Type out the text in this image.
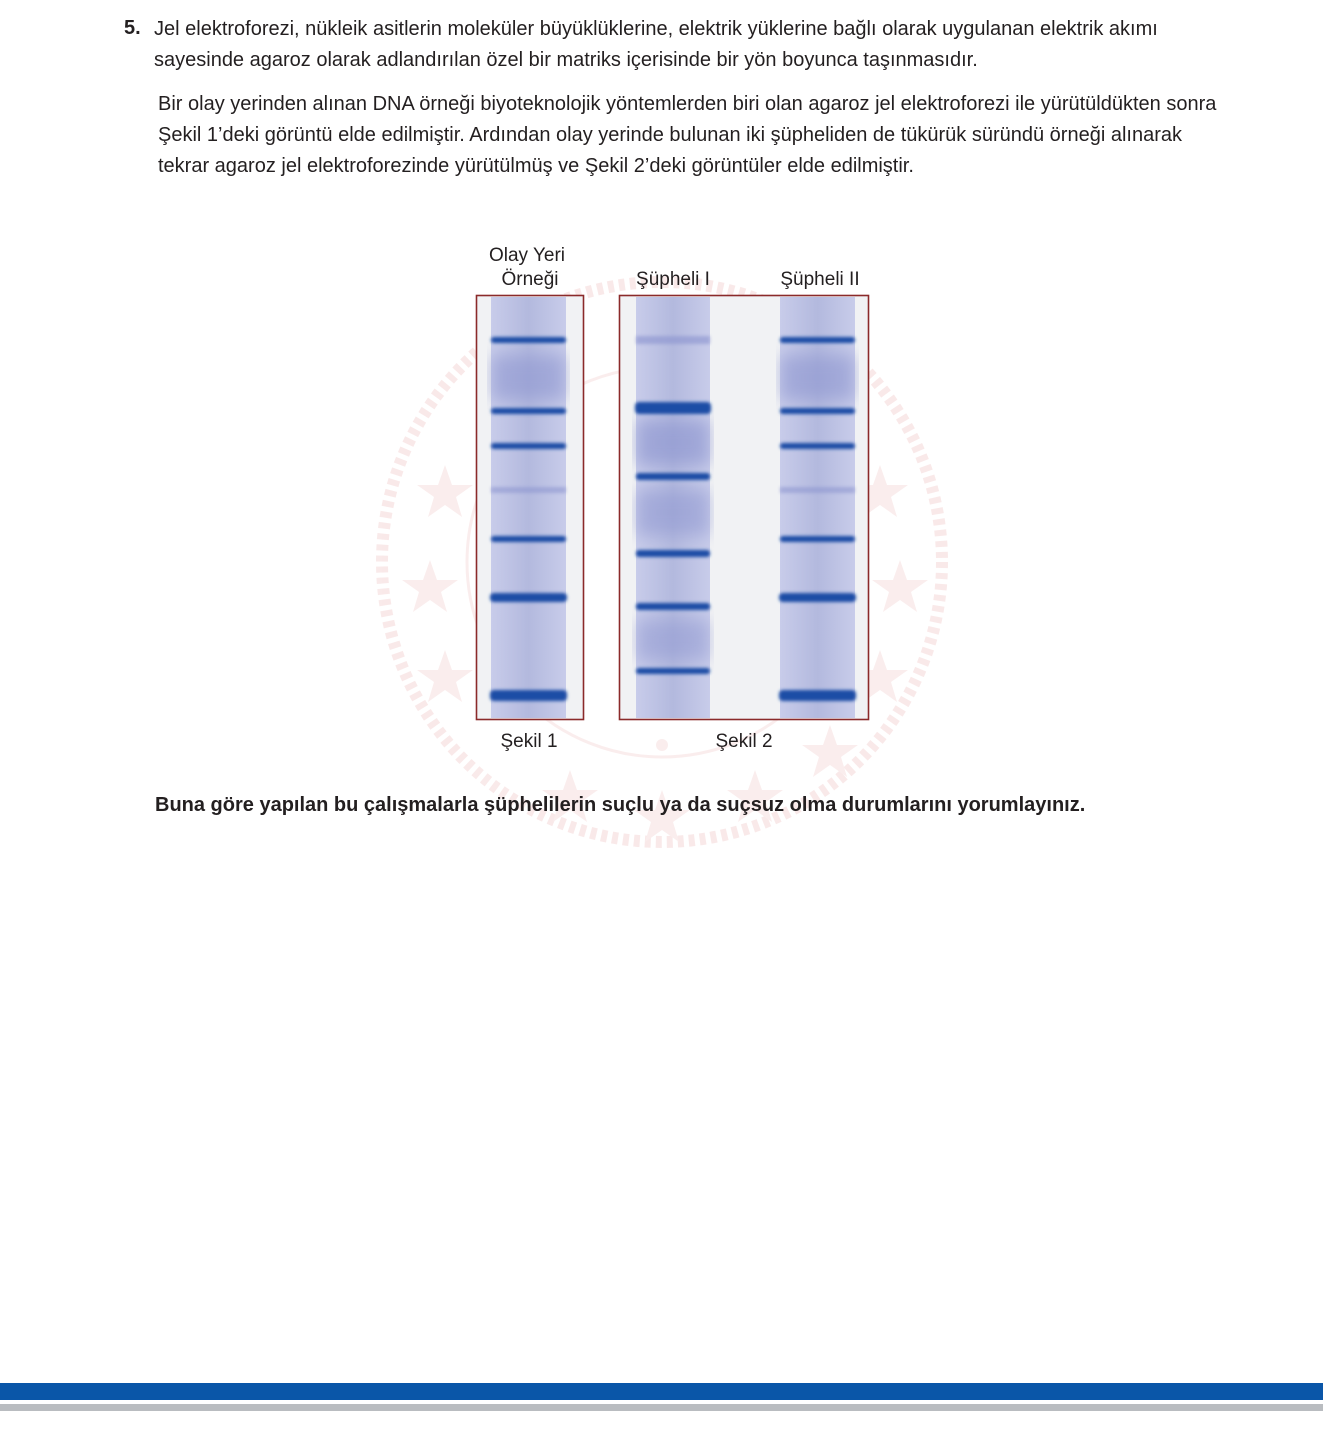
5. Jel elektroforezi, nükleik asitlerin moleküler büyüklüklerine, elektrik yüklerine bağlı olarak uygulanan elektrik akımı sayesinde agaroz olarak adlandırılan özel bir matriks içerisinde bir yön boyunca taşınmasıdır.

Bir olay yerinden alınan DNA örneği biyoteknolojik yöntemlerden biri olan agaroz jel elektroforezi ile yürütüldükten sonra Şekil 1’deki görüntü elde edilmiştir. Ardından olay yerinde bulunan iki şüpheliden de tükürük süründü örneği alınarak tekrar agaroz jel elektroforezinde yürütülmüş ve Şekil 2’deki görüntüler elde edilmiştir.

Olay Yeri
Örneği	Şüpheli I	Şüpheli II
Şekil 1	Şekil 2

Buna göre yapılan bu çalışmalarla şüphelilerin suçlu ya da suçsuz olma durumlarını yorumlayınız.
